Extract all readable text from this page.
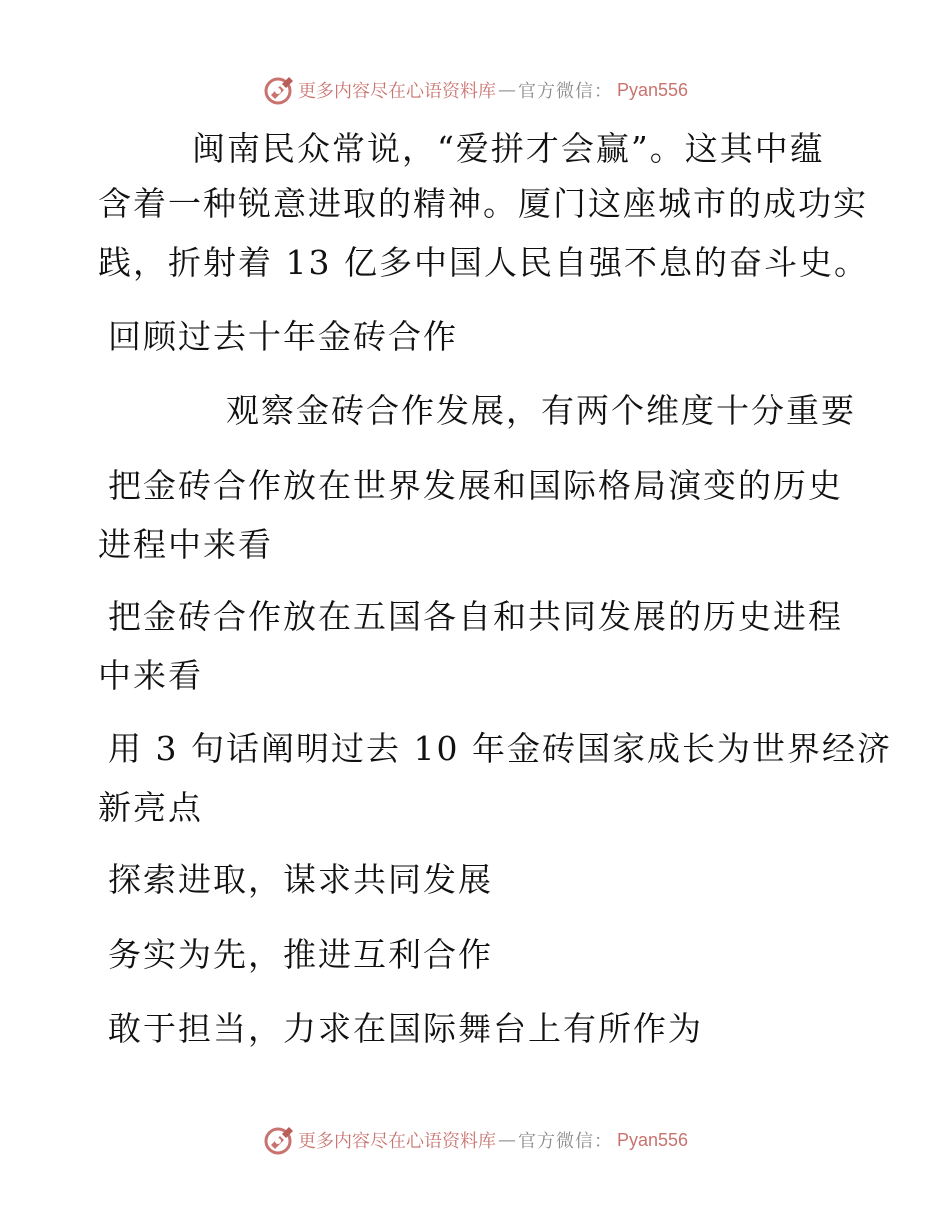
更多内容尽在心语资料库 — 官方微信： Pyan556
闽南民众常说，“爱拼才会赢”。这其中蕴
含着一种锐意进取的精神。厦门这座城市的成功实
践，折射着 13 亿多中国人民自强不息的奋斗史。
回顾过去十年金砖合作
观察金砖合作发展，有两个维度十分重要
把金砖合作放在世界发展和国际格局演变的历史
进程中来看
把金砖合作放在五国各自和共同发展的历史进程
中来看
用 3 句话阐明过去 10 年金砖国家成长为世界经济
新亮点
探索进取，谋求共同发展
务实为先，推进互利合作
敢于担当，力求在国际舞台上有所作为
更多内容尽在心语资料库 — 官方微信： Pyan556
